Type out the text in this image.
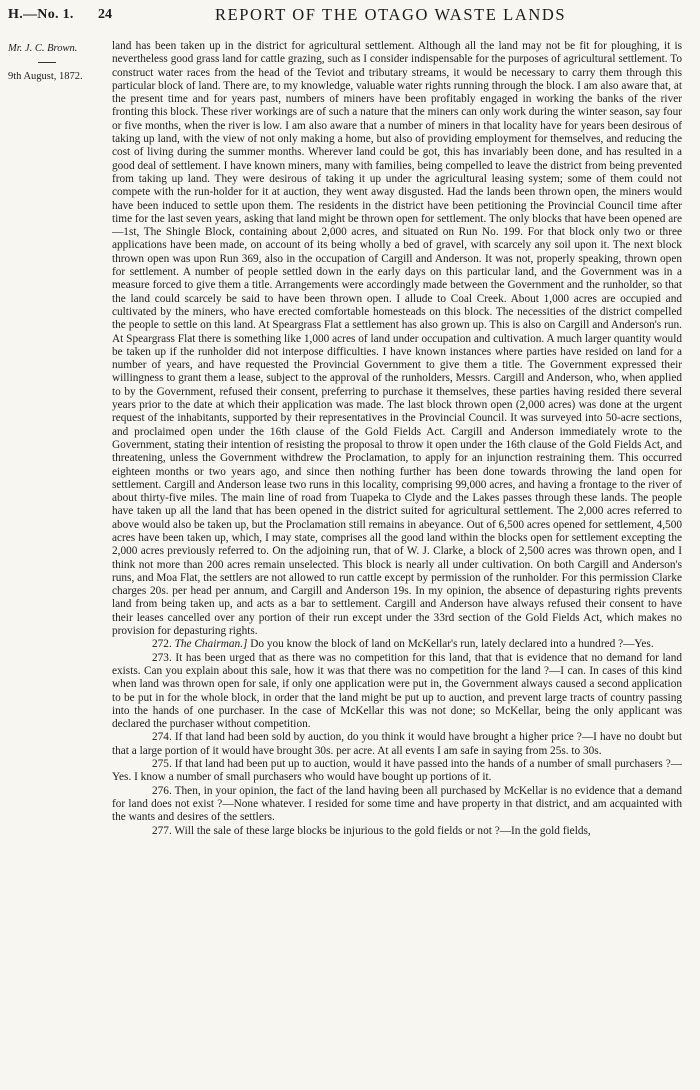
H.—No. 1. 24	REPORT OF THE OTAGO WASTE LANDS
Mr. J. C. Brown.
9th August, 1872.

land has been taken up in the district for agricultural settlement. Although all the land may not be fit for ploughing, it is nevertheless good grass land for cattle grazing, such as I consider indispensable for the purposes of agricultural settlement. To construct water races from the head of the Teviot and tributary streams, it would be necessary to carry them through this particular block of land. There are, to my knowledge, valuable water rights running through the block. I am also aware that, at the present time and for years past, numbers of miners have been profitably engaged in working the banks of the river fronting this block. These river workings are of such a nature that the miners can only work during the winter season, say four or five months, when the river is low. I am also aware that a number of miners in that locality have for years been desirous of taking up land, with the view of not only making a home, but also of providing employment for themselves, and reducing the cost of living during the summer months. Wherever land could be got, this has invariably been done, and has resulted in a good deal of settlement. I have known miners, many with families, being compelled to leave the district from being prevented from taking up land. They were desirous of taking it up under the agricultural leasing system; some of them could not compete with the run-holder for it at auction, they went away disgusted. Had the lands been thrown open, the miners would have been induced to settle upon them. The residents in the district have been petitioning the Provincial Council time after time for the last seven years, asking that land might be thrown open for settlement. The only blocks that have been opened are—1st, The Shingle Block, containing about 2,000 acres, and situated on Run No. 199. For that block only two or three applications have been made, on account of its being wholly a bed of gravel, with scarcely any soil upon it. The next block thrown open was upon Run 369, also in the occupation of Cargill and Anderson. It was not, properly speaking, thrown open for settlement. A number of people settled down in the early days on this particular land, and the Government was in a measure forced to give them a title. Arrangements were accordingly made between the Government and the runholder, so that the land could scarcely be said to have been thrown open. I allude to Coal Creek. About 1,000 acres are occupied and cultivated by the miners, who have erected comfortable homesteads on this block. The necessities of the district compelled the people to settle on this land. At Speargrass Flat a settlement has also grown up. This is also on Cargill and Anderson's run. At Speargrass Flat there is something like 1,000 acres of land under occupation and cultivation. A much larger quantity would be taken up if the runholder did not interpose difficulties. I have known instances where parties have resided on land for a number of years, and have requested the Provincial Government to give them a title. The Government expressed their willingness to grant them a lease, subject to the approval of the runholders, Messrs. Cargill and Anderson, who, when applied to by the Government, refused their consent, preferring to purchase it themselves, these parties having resided there several years prior to the date at which their application was made. The last block thrown open (2,000 acres) was done at the urgent request of the inhabitants, supported by their representatives in the Provincial Council. It was surveyed into 50-acre sections, and proclaimed open under the 16th clause of the Gold Fields Act. Cargill and Anderson immediately wrote to the Government, stating their intention of resisting the proposal to throw it open under the 16th clause of the Gold Fields Act, and threatening, unless the Government withdrew the Proclamation, to apply for an injunction restraining them. This occurred eighteen months or two years ago, and since then nothing further has been done towards throwing the land open for settlement. Cargill and Anderson lease two runs in this locality, comprising 99,000 acres, and having a frontage to the river of about thirty-five miles. The main line of road from Tuapeka to Clyde and the Lakes passes through these lands. The people have taken up all the land that has been opened in the district suited for agricultural settlement. The 2,000 acres referred to above would also be taken up, but the Proclamation still remains in abeyance. Out of 6,500 acres opened for settlement, 4,500 acres have been taken up, which, I may state, comprises all the good land within the blocks open for settlement excepting the 2,000 acres previously referred to. On the adjoining run, that of W. J. Clarke, a block of 2,500 acres was thrown open, and I think not more than 200 acres remain unselected. This block is nearly all under cultivation. On both Cargill and Anderson's runs, and Moa Flat, the settlers are not allowed to run cattle except by permission of the runholder. For this permission Clarke charges 20s. per head per annum, and Cargill and Anderson 19s. In my opinion, the absence of depasturing rights prevents land from being taken up, and acts as a bar to settlement. Cargill and Anderson have always refused their consent to have their leases cancelled over any portion of their run except under the 33rd section of the Gold Fields Act, which makes no provision for depasturing rights.

272. The Chairman.] Do you know the block of land on McKellar's run, lately declared into a hundred ?—Yes.

273. It has been urged that as there was no competition for this land, that that is evidence that no demand for land exists. Can you explain about this sale, how it was that there was no competition for the land ?—I can. In cases of this kind when land was thrown open for sale, if only one application were put in, the Government always caused a second application to be put in for the whole block, in order that the land might be put up to auction, and prevent large tracts of country passing into the hands of one purchaser. In the case of McKellar this was not done; so McKellar, being the only applicant was declared the purchaser without competition.

274. If that land had been sold by auction, do you think it would have brought a higher price ?—I have no doubt but that a large portion of it would have brought 30s. per acre. At all events I am safe in saying from 25s. to 30s.

275. If that land had been put up to auction, would it have passed into the hands of a number of small purchasers ?—Yes. I know a number of small purchasers who would have bought up portions of it.

276. Then, in your opinion, the fact of the land having been all purchased by McKellar is no evidence that a demand for land does not exist ?—None whatever. I resided for some time and have property in that district, and am acquainted with the wants and desires of the settlers.

277. Will the sale of these large blocks be injurious to the gold fields or not ?—In the gold fields,
